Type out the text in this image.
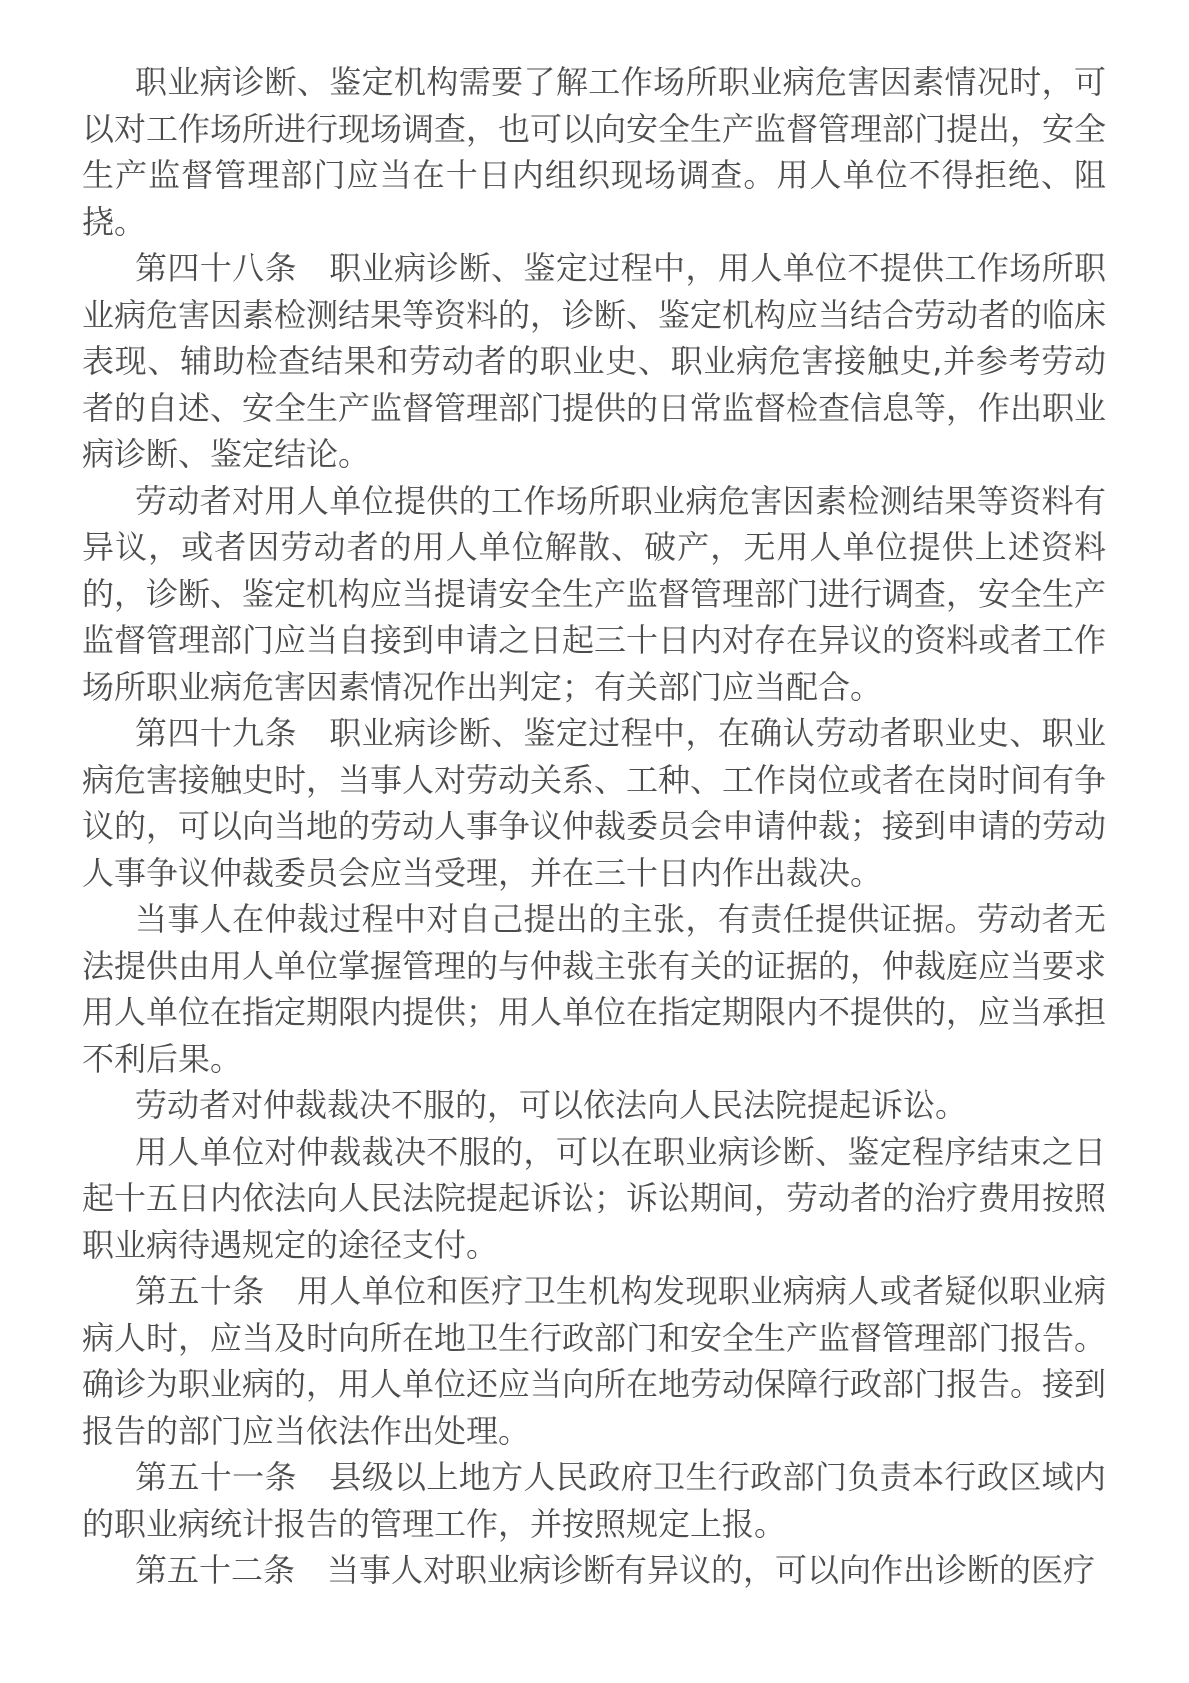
职业病诊断、鉴定机构需要了解工作场所职业病危害因素情况时，可以对工作场所进行现场调查，也可以向安全生产监督管理部门提出，安全生产监督管理部门应当在十日内组织现场调查。用人单位不得拒绝、阻挠。

第四十八条　职业病诊断、鉴定过程中，用人单位不提供工作场所职业病危害因素检测结果等资料的，诊断、鉴定机构应当结合劳动者的临床表现、辅助检查结果和劳动者的职业史、职业病危害接触史,并参考劳动者的自述、安全生产监督管理部门提供的日常监督检查信息等，作出职业病诊断、鉴定结论。

劳动者对用人单位提供的工作场所职业病危害因素检测结果等资料有异议，或者因劳动者的用人单位解散、破产，无用人单位提供上述资料的，诊断、鉴定机构应当提请安全生产监督管理部门进行调查，安全生产监督管理部门应当自接到申请之日起三十日内对存在异议的资料或者工作场所职业病危害因素情况作出判定；有关部门应当配合。

第四十九条　职业病诊断、鉴定过程中，在确认劳动者职业史、职业病危害接触史时，当事人对劳动关系、工种、工作岗位或者在岗时间有争议的，可以向当地的劳动人事争议仲裁委员会申请仲裁；接到申请的劳动人事争议仲裁委员会应当受理，并在三十日内作出裁决。

当事人在仲裁过程中对自己提出的主张，有责任提供证据。劳动者无法提供由用人单位掌握管理的与仲裁主张有关的证据的，仲裁庭应当要求用人单位在指定期限内提供；用人单位在指定期限内不提供的，应当承担不利后果。

劳动者对仲裁裁决不服的，可以依法向人民法院提起诉讼。

用人单位对仲裁裁决不服的，可以在职业病诊断、鉴定程序结束之日起十五日内依法向人民法院提起诉讼；诉讼期间，劳动者的治疗费用按照职业病待遇规定的途径支付。

第五十条　用人单位和医疗卫生机构发现职业病病人或者疑似职业病病人时，应当及时向所在地卫生行政部门和安全生产监督管理部门报告。确诊为职业病的，用人单位还应当向所在地劳动保障行政部门报告。接到报告的部门应当依法作出处理。

第五十一条　县级以上地方人民政府卫生行政部门负责本行政区域内的职业病统计报告的管理工作，并按照规定上报。

第五十二条　当事人对职业病诊断有异议的，可以向作出诊断的医疗
